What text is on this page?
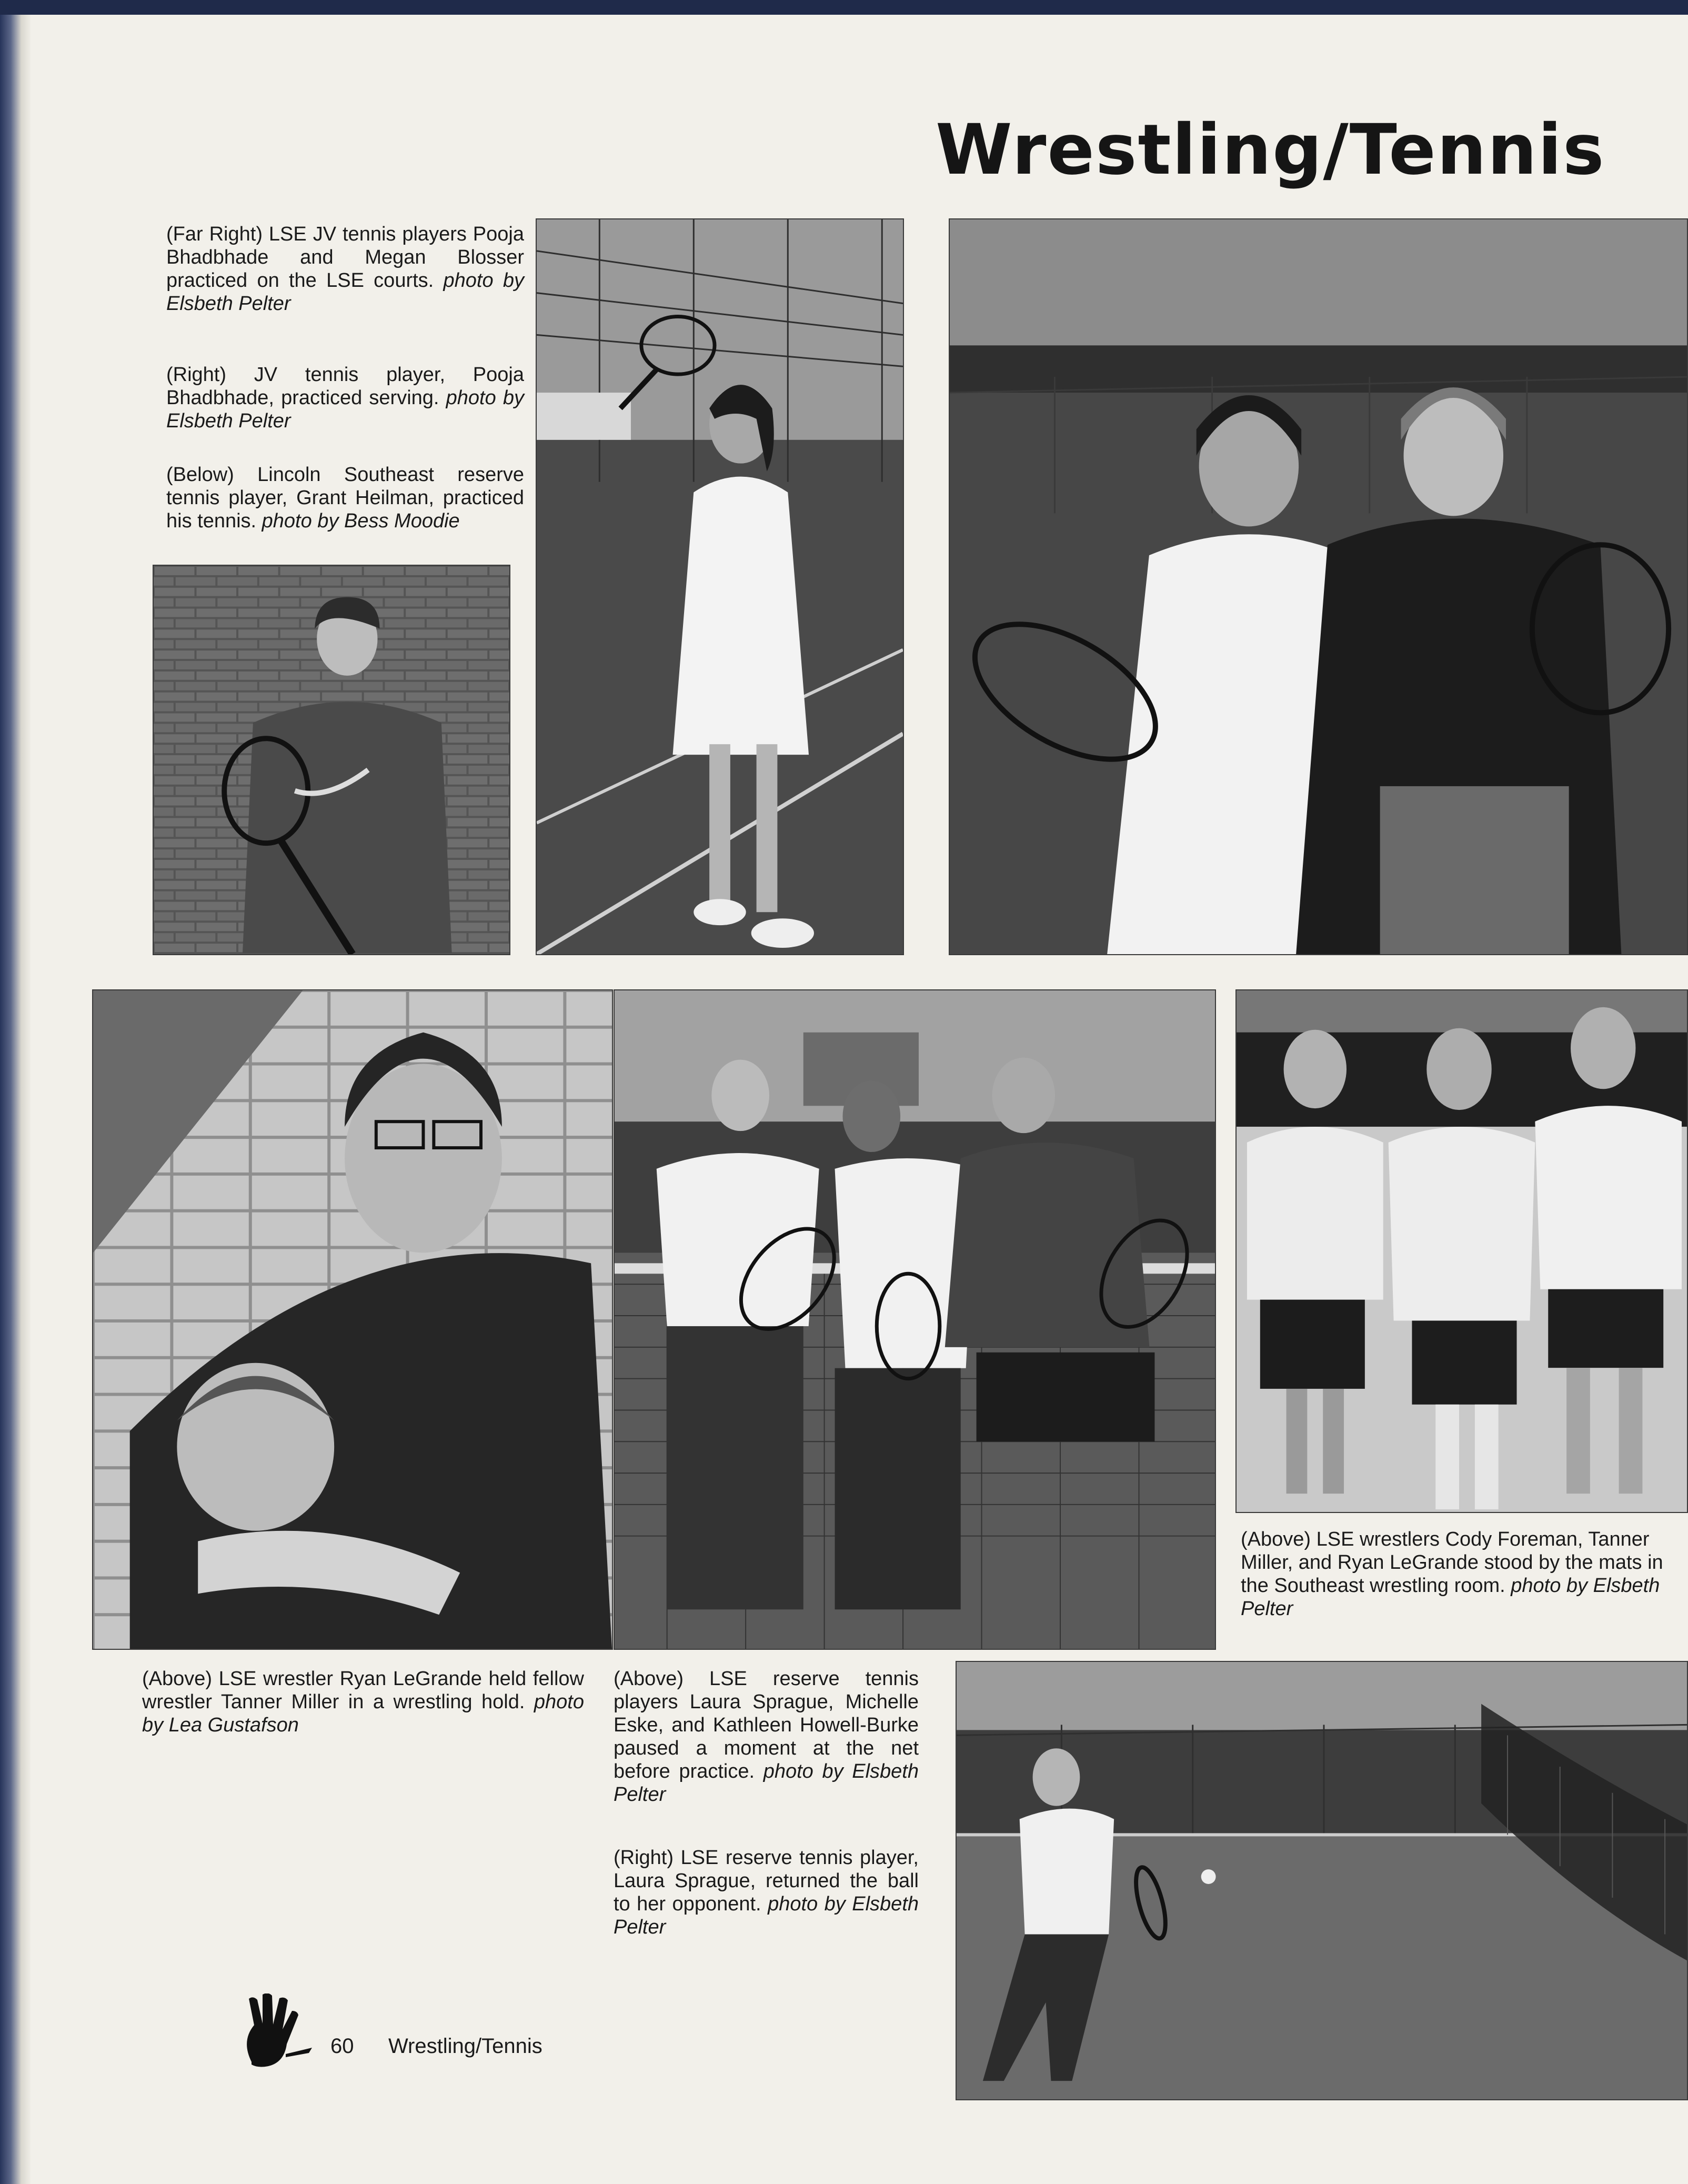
Wrestling/Tennis
(Far Right) LSE JV tennis players Pooja Bhadbhade and Megan Blosser practiced on the LSE courts. photo by Elsbeth Pelter
(Right) JV tennis player, Pooja Bhadbhade, practiced serving. photo by Elsbeth Pelter
(Below) Lincoln Southeast reserve tennis player, Grant Heilman, practiced his tennis. photo by Bess Moodie
(Above) LSE wrestlers Cody Foreman, Tanner Miller, and Ryan LeGrande stood by the mats in the Southeast wrestling room. photo by Elsbeth Pelter
(Above) LSE wrestler Ryan LeGrande held fellow wrestler Tanner Miller in a wrestling hold. photo by Lea Gustafson
(Above) LSE reserve tennis players Laura Sprague, Michelle Eske, and Kathleen Howell-Burke paused a moment at the net before practice. photo by Elsbeth Pelter
(Right) LSE reserve tennis player, Laura Sprague, returned the ball to her opponent. photo by Elsbeth Pelter
60 Wrestling/Tennis
